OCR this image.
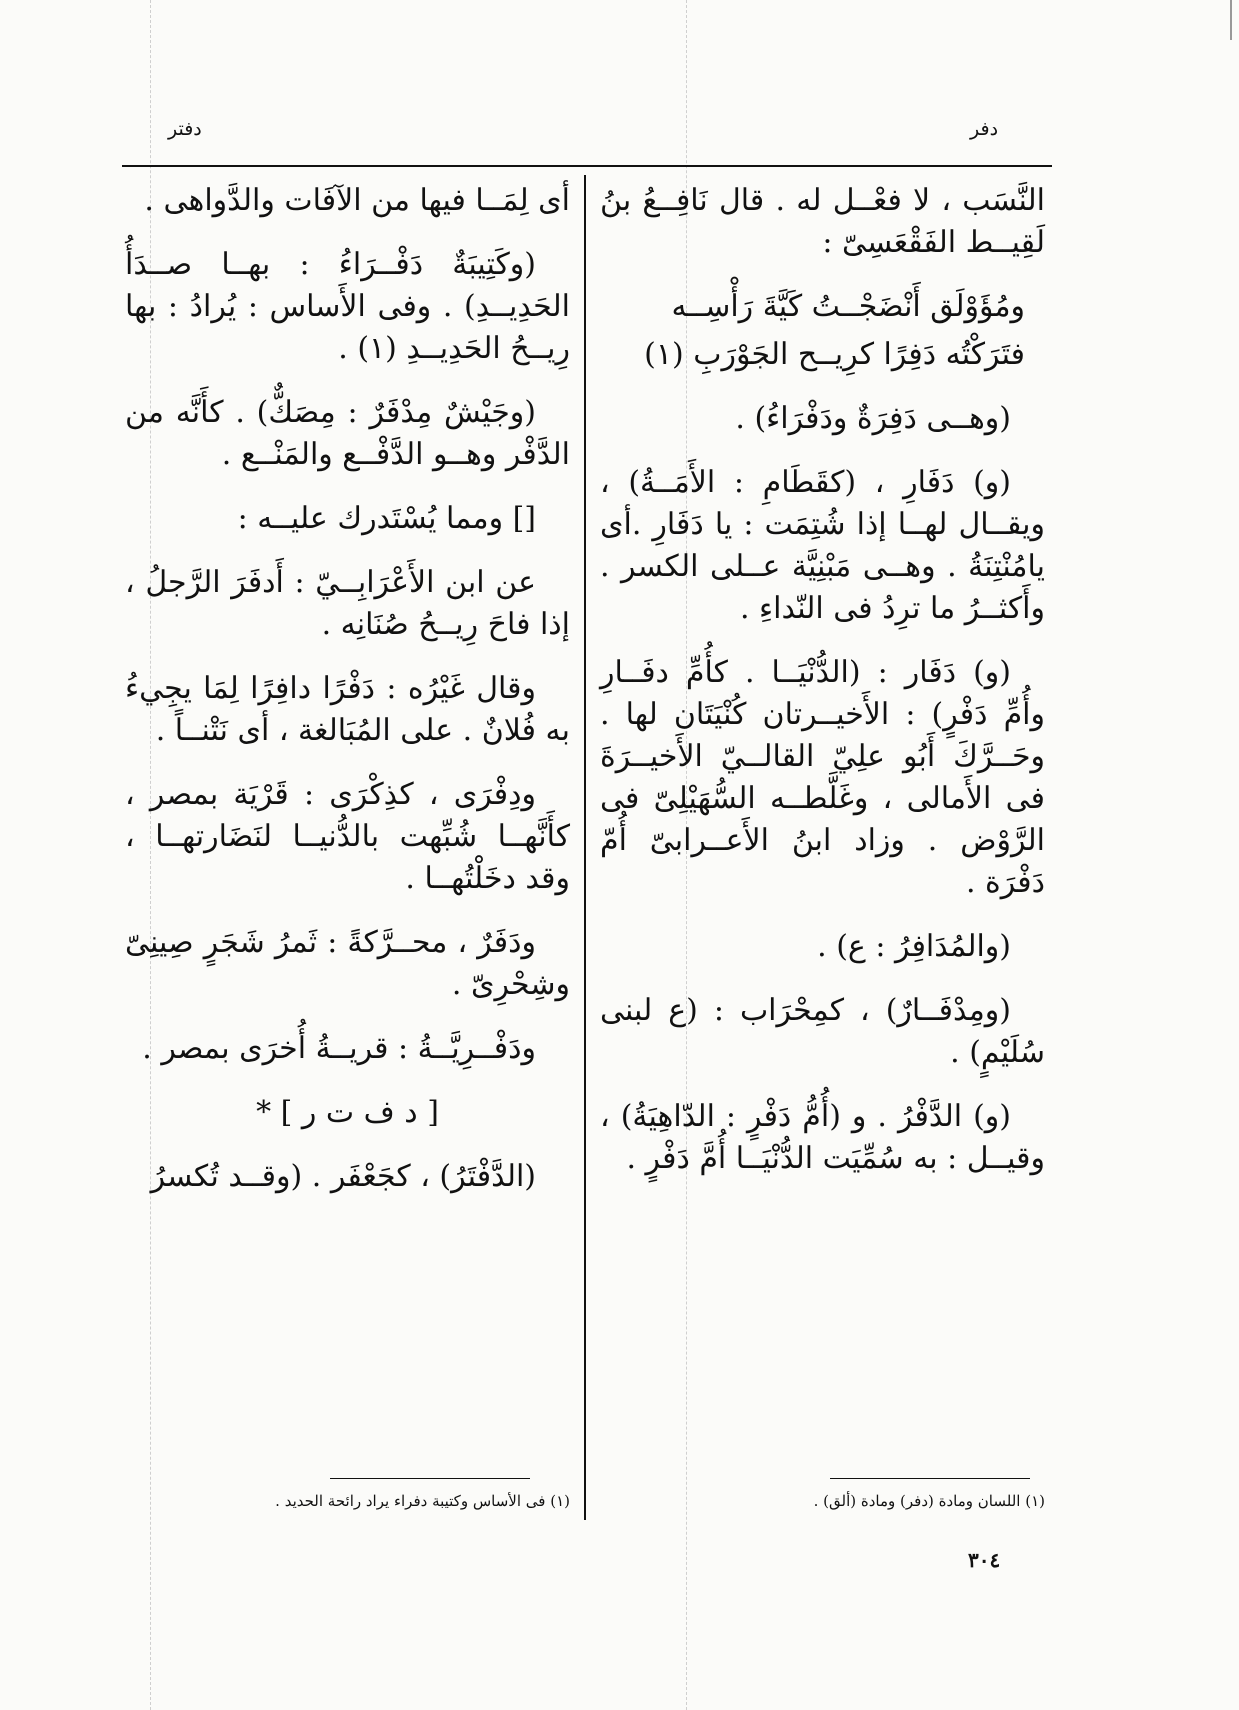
دفر
دفتر

النَّسَب ، لا فعْــل له . قال نَافِــعُ بنُ لَقِيــط الفَقْعَسِىّ :

ومُؤَوْلَق أَنْضَجْــتُ كَيَّةَ رَأْسِــه

فتَرَكْتُه دَفِرًا كرِيــح الجَوْرَبِ (١)

(وهــى دَفِرَةٌ ودَفْرَاءُ) .

(و) دَفَارِ ، (كقَطَامِ : الأَمَــةُ) ، ويقــال لهــا إذا شُتِمَت : يا دَفَارِ .أى يامُنْتِنَةُ . وهــى مَبْنِيَّة عــلى الكسر . وأَكثــرُ ما ترِدُ فى النّداءِ .

(و) دَفَار : (الدُّنْيَــا . كأُمِّ دفَــارِ وأُمِّ دَفْرٍ) : الأَخيــرتان كُنْيَتَان لها . وحَــرَّكَ أَبُو علِيّ القالــيّ الأَخيــرَةَ فى الأَمالى ، وغَلَّطــه السُّهَيْلِىّ فى الرَّوْض . وزاد ابنُ الأَعــرابىّ أُمّ دَفْرَة .

(والمُدَافِرُ : ع) .

(ومِدْفَــارٌ) ، كمِحْرَاب : (ع لبنى سُلَيْمٍ) .

(و) الدَّفْرُ . و (أُمُّ دَفْرٍ : الدّاهِيَةُ) ، وقيــل : به سُمِّيَت الدُّنْيَــا أُمَّ دَفْرٍ .

أى لِمَــا فيها من الآفَات والدَّواهى .

(وكَتِيبَةٌ دَفْــرَاءُ : بهــا صــدَأُ الحَدِيــدِ) . وفى الأَساس : يُرادُ : بها رِيــحُ الحَدِيــدِ (١) .

(وجَيْشٌ مِدْفَرٌ : مِصَكٌّ) . كأَنَّه من الدَّفْر وهــو الدَّفْــع والمَنْــع .

[] ومما يُسْتَدرك عليــه :

عن ابن الأَعْرَابِــيّ : أَدفَرَ الرَّجلُ ، إذا فاحَ رِيــحُ صُنَانِه .

وقال غَيْرُه : دَفْرًا دافِرًا لِمَا يجِيءُ به فُلانٌ . على المُبَالغة ، أى نَتْنــاً .

ودِفْرَى ، كذِكْرَى : قَرْيَة بمصر ، كأَنَّهــا شُبِّهت بالدُّنيــا لنَضَارتهــا ، وقد دخَلْتُهــا .

ودَفَرٌ ، محــرَّكةً : ثَمرُ شَجَرٍ صِينِىّ وشِحْرِىّ .

ودَفْــرِيَّــةُ : قريــةُ أُخرَى بمصر .

[ د ف ت ر ] *

(الدَّفْتَرُ) ، كجَعْفَر . (وقــد تُكسرُ

(١) اللسان ومادة (دفر) ومادة (ألق) .
(١) فى الأساس وكتيبة دفراء يراد رائحة الحديد .
٣٠٤
